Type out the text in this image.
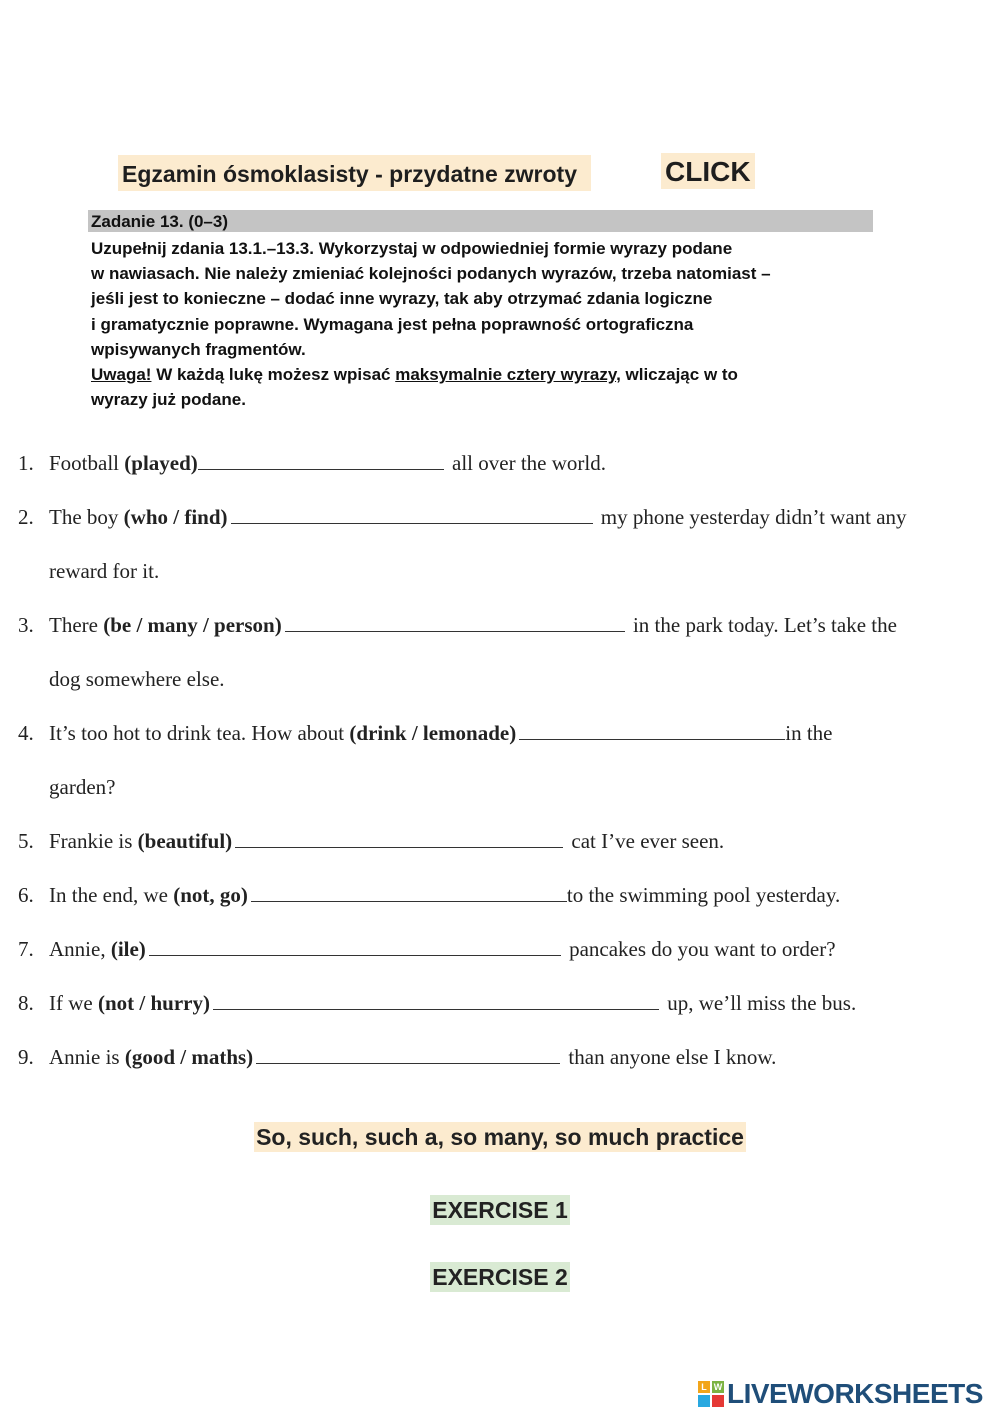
Egzamin ósmoklasisty - przydatne zwroty	CLICK
Zadanie 13. (0–3)
Uzupełnij zdania 13.1.–13.3. Wykorzystaj w odpowiedniej formie wyrazy podane
w nawiasach. Nie należy zmieniać kolejności podanych wyrazów, trzeba natomiast –
jeśli jest to konieczne – dodać inne wyrazy, tak aby otrzymać zdania logiczne
i gramatycznie poprawne. Wymagana jest pełna poprawność ortograficzna
wpisywanych fragmentów.
Uwaga! W każdą lukę możesz wpisać maksymalnie cztery wyrazy, wliczając w to
wyrazy już podane.
1. Football (played)	all over the world.
2. The boy (who / find)	my phone yesterday didn’t want any
reward for it.
3. There (be / many / person)	in the park today. Let’s take the
dog somewhere else.
4. It’s too hot to drink tea. How about (drink / lemonade)	in the
garden?
5. Frankie is (beautiful)	cat I’ve ever seen.
6. In the end, we (not, go)	to the swimming pool yesterday.
7. Annie, (ile)	pancakes do you want to order?
8. If we (not / hurry)	up, we’ll miss the bus.
9. Annie is (good / maths)	than anyone else I know.
So, such, such a, so many, so much practice
EXERCISE 1
EXERCISE 2
L W LIVEWORKSHEETS
